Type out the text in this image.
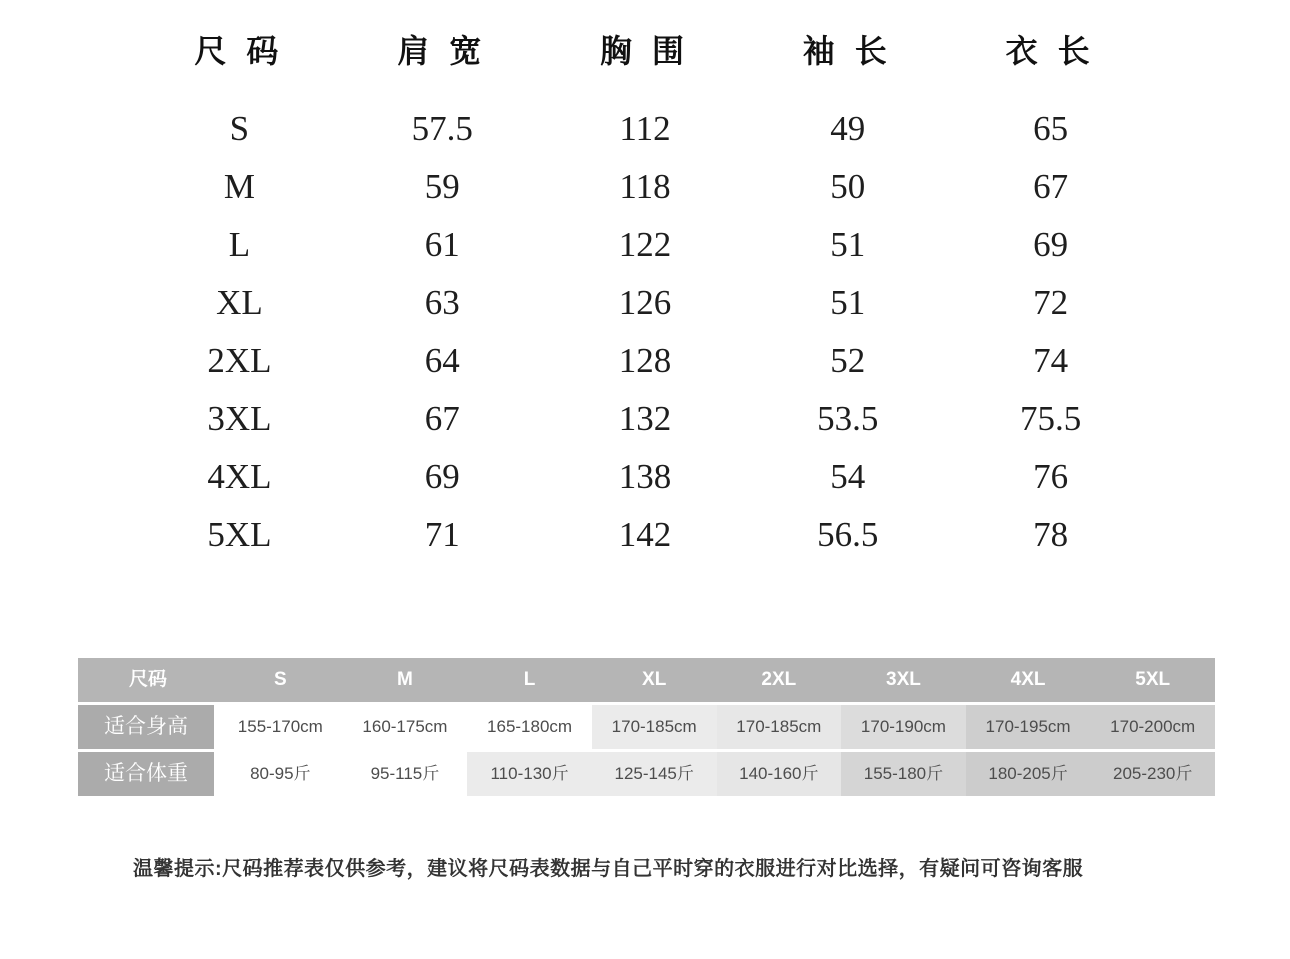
尺 码	肩 宽	胸 围	袖 长	衣 长
S	57.5	112	49	65
M	59	118	50	67
L	61	122	51	69
XL	63	126	51	72
2XL	64	128	52	74
3XL	67	132	53.5	75.5
4XL	69	138	54	76
5XL	71	142	56.5	78
尺码	S	M	L	XL	2XL	3XL	4XL	5XL
适合身高	155-170cm	160-175cm	165-180cm	170-185cm	170-185cm	170-190cm	170-195cm	170-200cm
适合体重	80-95斤	95-115斤	110-130斤	125-145斤	140-160斤	155-180斤	180-205斤	205-230斤
温馨提示:尺码推荐表仅供参考，建议将尺码表数据与自己平时穿的衣服进行对比选择，有疑问可咨询客服
